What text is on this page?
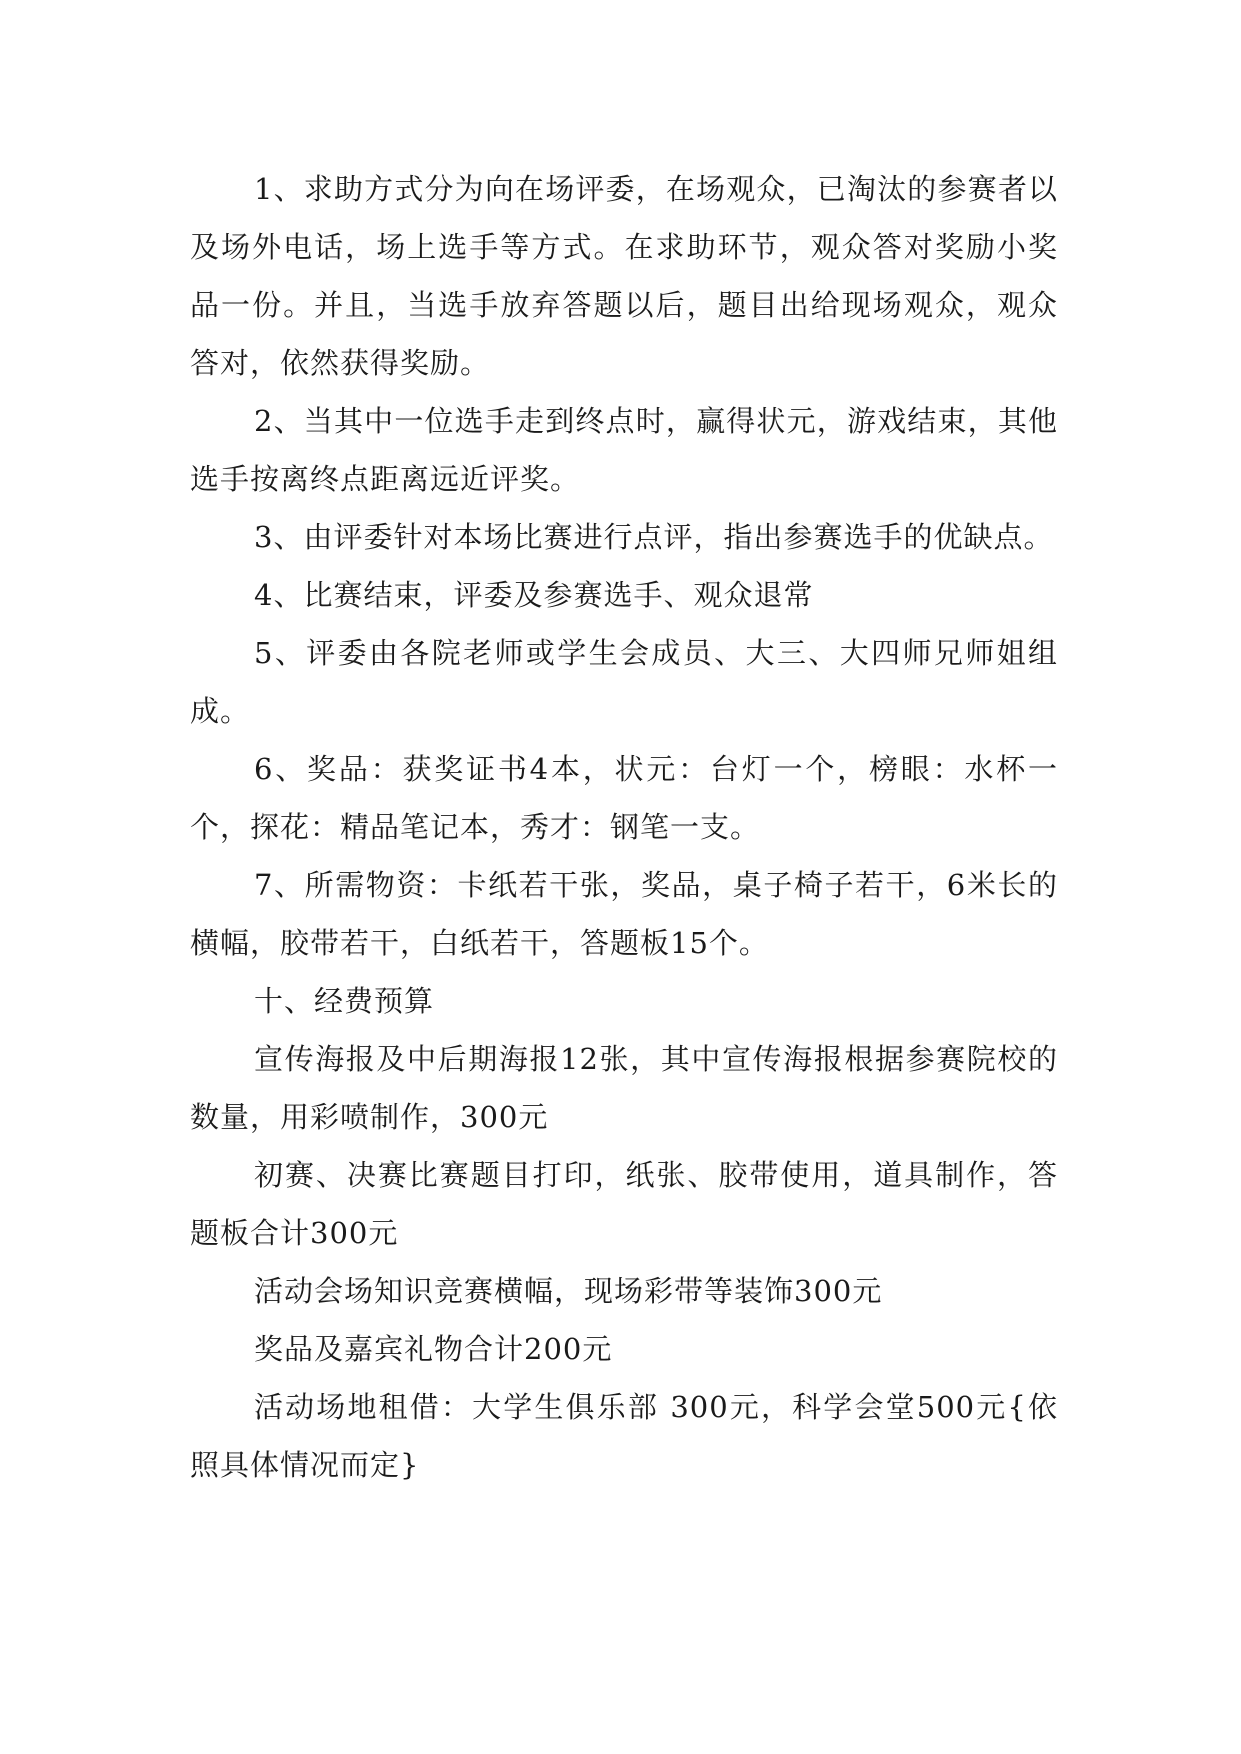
1、求助方式分为向在场评委，在场观众，已淘汰的参赛者以及场外电话，场上选手等方式。在求助环节，观众答对奖励小奖品一份。并且，当选手放弃答题以后，题目出给现场观众，观众答对，依然获得奖励。

2、当其中一位选手走到终点时，赢得状元，游戏结束，其他选手按离终点距离远近评奖。

3、由评委针对本场比赛进行点评，指出参赛选手的优缺点。

4、比赛结束，评委及参赛选手、观众退常

5、评委由各院老师或学生会成员、大三、大四师兄师姐组成。

6、奖品：获奖证书4本，状元：台灯一个，榜眼：水杯一个，探花：精品笔记本，秀才：钢笔一支。

7、所需物资：卡纸若干张，奖品，桌子椅子若干，6米长的横幅，胶带若干，白纸若干，答题板15个。

十、经费预算

宣传海报及中后期海报12张，其中宣传海报根据参赛院校的数量，用彩喷制作，300元

初赛、决赛比赛题目打印，纸张、胶带使用，道具制作，答题板合计300元

活动会场知识竞赛横幅，现场彩带等装饰300元

奖品及嘉宾礼物合计200元

活动场地租借：大学生俱乐部 300元，科学会堂500元{依照具体情况而定}
